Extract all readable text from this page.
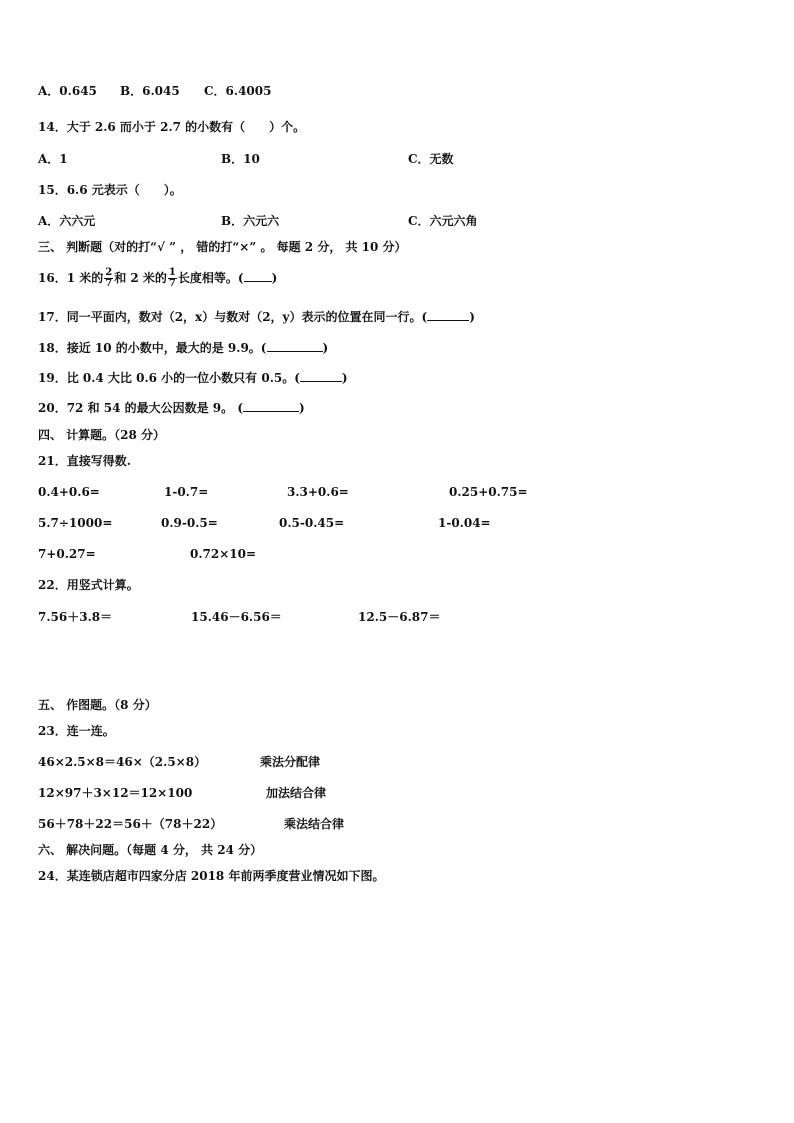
A．0.645 B．6.045 C．6.4005
14．大于 2.6 而小于 2.7 的小数有（　　）个。
A．1	B．10	C．无数
15．6.6 元表示（　　）。
A．六六元	B．六元六	C．六元六角
三、 判断题（对的打“√ ” ， 错的打“×” 。 每题 2 分， 共 10 分）
16．1 米的 $\frac{2}{7}$ 和 2 米的 $\frac{1}{7}$ 长度相等。( )
17．同一平面内，数对（2，x）与数对（2，y）表示的位置在同一行。(	)
18．接近 10 的小数中，最大的是 9.9。(	)
19．比 0.4 大比 0.6 小的一位小数只有 0.5。(	)
20．72 和 54 的最大公因数是 9。 (	)
四、 计算题。（28 分）
21．直接写得数.
0.4+0.6=	1-0.7=	3.3+0.6=	0.25+0.75=
5.7÷1000=	0.9-0.5=	0.5-0.45=	1-0.04=
7+0.27=	0.72×10=
22．用竖式计算。
7.56＋3.8＝	15.46－6.56＝	12.5－6.87＝
五、 作图题。（8 分）
23．连一连。
46×2.5×8＝46×（2.5×8）	乘法分配律
12×97＋3×12＝12×100	加法结合律
56＋78＋22＝56＋（78＋22）	乘法结合律
六、 解决问题。（每题 4 分， 共 24 分）
24．某连锁店超市四家分店 2018 年前两季度营业情况如下图。
